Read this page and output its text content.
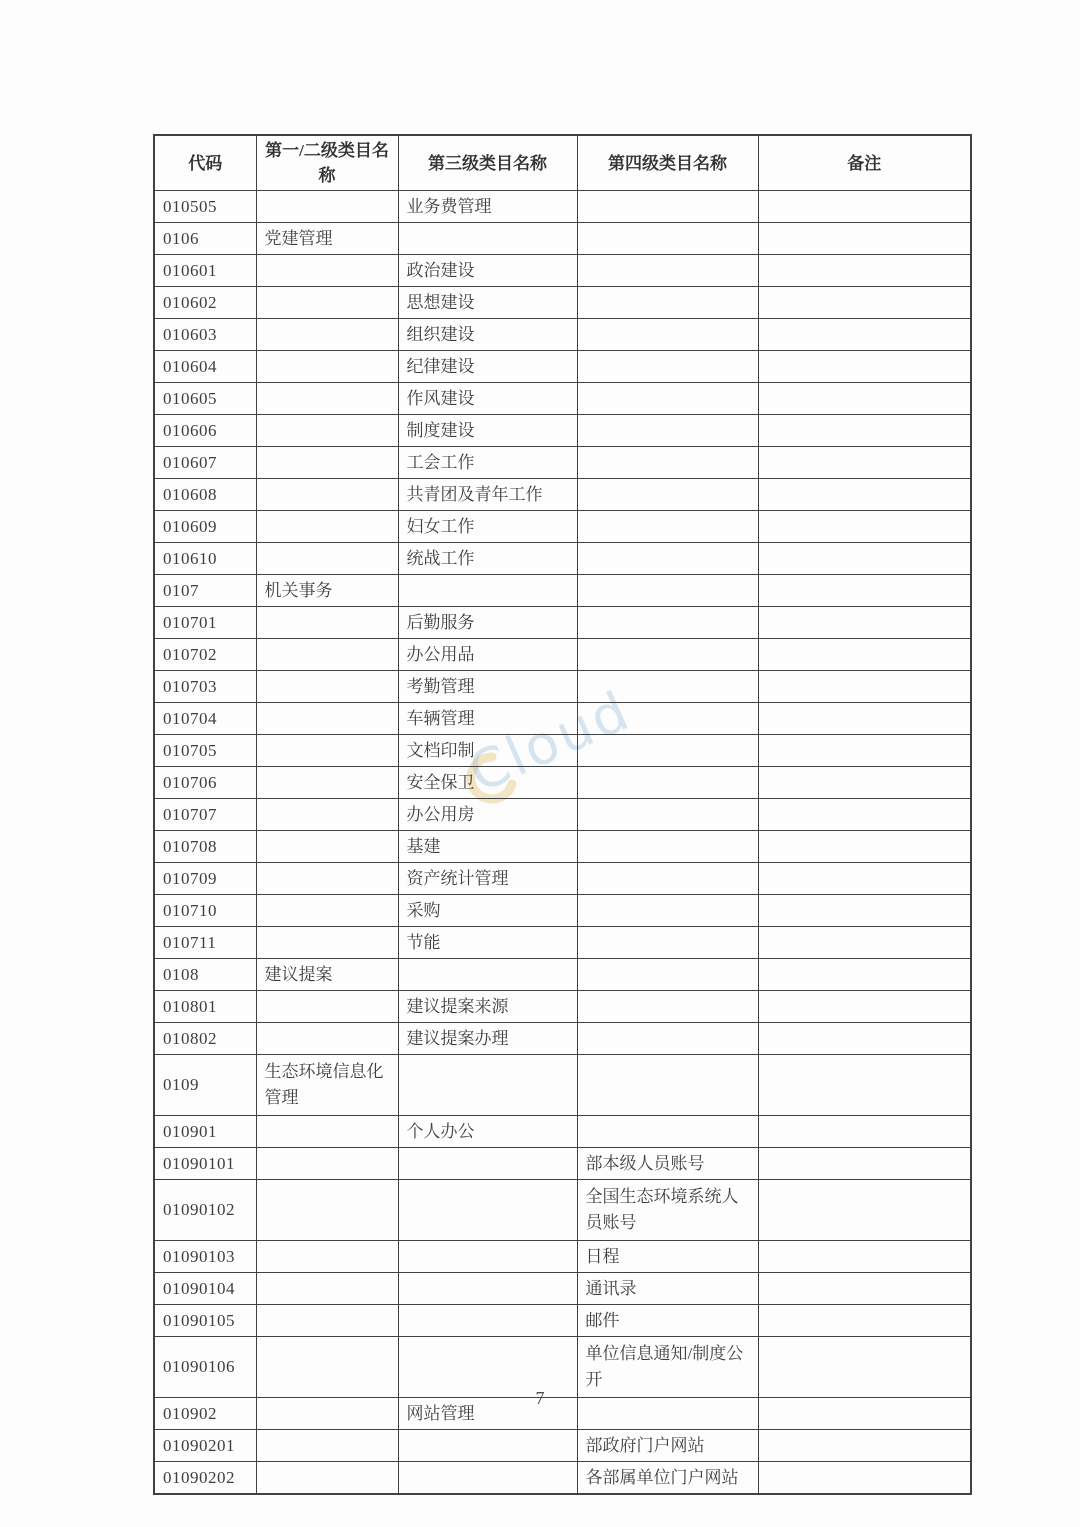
Cloud
代码	第一/二级类目名称	第三级类目名称	第四级类目名称	备注
010505		业务费管理		
0106	党建管理			
010601		政治建设		
010602		思想建设		
010603		组织建设		
010604		纪律建设		
010605		作风建设		
010606		制度建设		
010607		工会工作		
010608		共青团及青年工作		
010609		妇女工作		
010610		统战工作		
0107	机关事务			
010701		后勤服务		
010702		办公用品		
010703		考勤管理		
010704		车辆管理		
010705		文档印制		
010706		安全保卫		
010707		办公用房		
010708		基建		
010709		资产统计管理		
010710		采购		
010711		节能		
0108	建议提案			
010801		建议提案来源		
010802		建议提案办理		
0109	生态环境信息化管理			
010901		个人办公		
01090101			部本级人员账号	
01090102			全国生态环境系统人员账号	
01090103			日程	
01090104			通讯录	
01090105			邮件	
01090106			单位信息通知/制度公开	
010902		网站管理		
01090201			部政府门户网站	
01090202			各部属单位门户网站	
7
